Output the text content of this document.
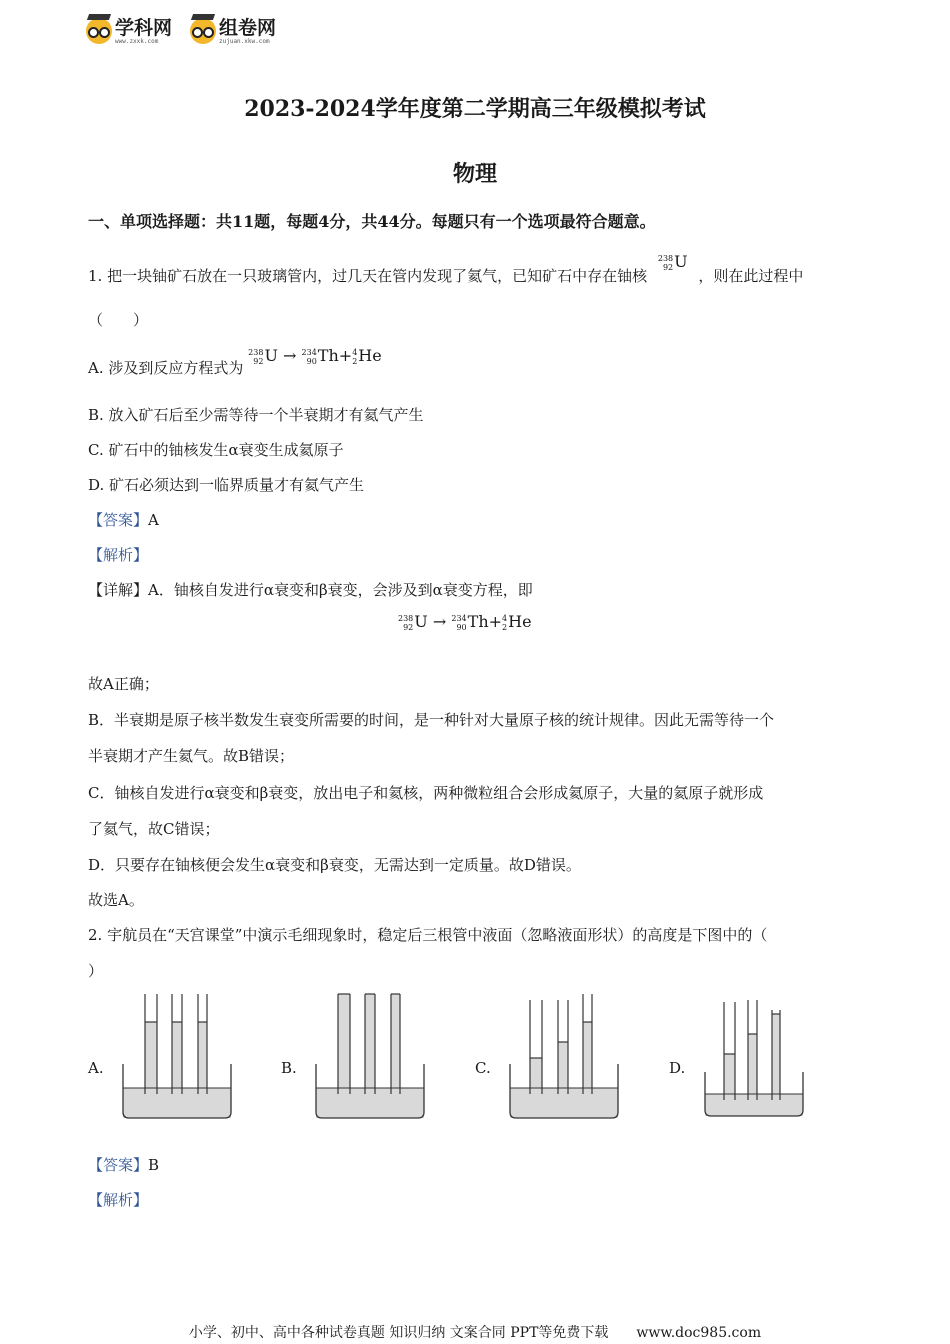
学科网
www.zxxk.com
组卷网
zujuan.xkw.com
2023-2024学年度第二学期高三年级模拟考试
物理
一、单项选择题：共11题，每题4分，共44分。每题只有一个选项最符合题意。
1. 把一块铀矿石放在一只玻璃管内，过几天在管内发现了氦气，已知矿石中存在铀核
238
92 U ，则在此过程中
（　　）
A. 涉及到反应方程式为
238
92 U → 234
90 Th+ 4
2 He
B. 放入矿石后至少需等待一个半衰期才有氦气产生
C. 矿石中的铀核发生α衰变生成氦原子
D. 矿石必须达到一临界质量才有氦气产生
【答案】A
【解析】
【详解】A．铀核自发进行α衰变和β衰变，会涉及到α衰变方程，即
238
92 U → 234
90 Th+ 4
2 He
故A正确；
B．半衰期是原子核半数发生衰变所需要的时间，是一种针对大量原子核的统计规律。因此无需等待一个
半衰期才产生氦气。故B错误；
C．铀核自发进行α衰变和β衰变，放出电子和氦核，两种微粒组合会形成氦原子，大量的氦原子就形成
了氦气，故C错误；
D．只要存在铀核便会发生α衰变和β衰变，无需达到一定质量。故D错误。
故选A。
2. 宇航员在“天宫课堂”中演示毛细现象时，稳定后三根管中液面（忽略液面形状）的高度是下图中的（
）
A.	B.	C.	D.
【答案】B
【解析】
小学、初中、高中各种试卷真题 知识归纳 文案合同 PPT等免费下载　　www.doc985.com
